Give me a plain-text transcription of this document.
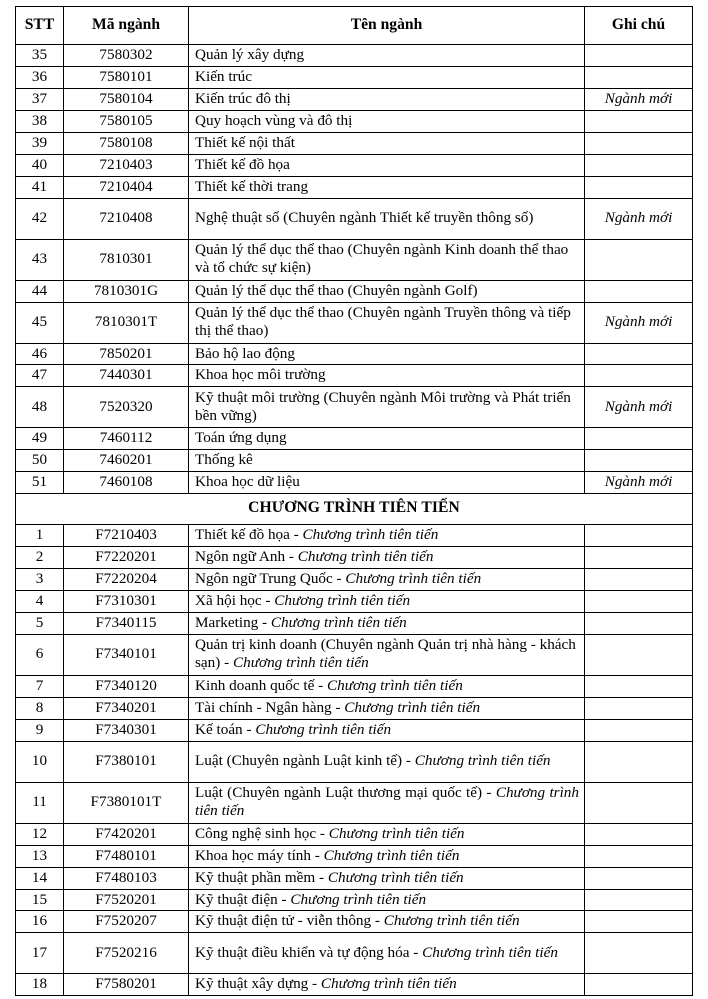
STT	Mã ngành	Tên ngành	Ghi chú
35	7580302	Quản lý xây dựng	
36	7580101	Kiến trúc	
37	7580104	Kiến trúc đô thị	Ngành mới
38	7580105	Quy hoạch vùng và đô thị	
39	7580108	Thiết kế nội thất	
40	7210403	Thiết kế đồ họa	
41	7210404	Thiết kế thời trang	
42	7210408	Nghệ thuật số (Chuyên ngành Thiết kế truyền thông số)	Ngành mới
43	7810301	Quản lý thể dục thể thao (Chuyên ngành Kinh doanh thể thao và tổ chức sự kiện)	
44	7810301G	Quản lý thể dục thể thao (Chuyên ngành Golf)	
45	7810301T	Quản lý thể dục thể thao (Chuyên ngành Truyền thông và tiếp thị thể thao)	Ngành mới
46	7850201	Bảo hộ lao động	
47	7440301	Khoa học môi trường	
48	7520320	Kỹ thuật môi trường (Chuyên ngành Môi trường và Phát triển bền vững)	Ngành mới
49	7460112	Toán ứng dụng	
50	7460201	Thống kê	
51	7460108	Khoa học dữ liệu	Ngành mới
CHƯƠNG TRÌNH TIÊN TIẾN			
1	F7210403	Thiết kế đồ họa - Chương trình tiên tiến	
2	F7220201	Ngôn ngữ Anh - Chương trình tiên tiến	
3	F7220204	Ngôn ngữ Trung Quốc - Chương trình tiên tiến	
4	F7310301	Xã hội học - Chương trình tiên tiến	
5	F7340115	Marketing - Chương trình tiên tiến	
6	F7340101	Quản trị kinh doanh (Chuyên ngành Quản trị nhà hàng - khách sạn) - Chương trình tiên tiến	
7	F7340120	Kinh doanh quốc tế - Chương trình tiên tiến	
8	F7340201	Tài chính - Ngân hàng - Chương trình tiên tiến	
9	F7340301	Kế toán - Chương trình tiên tiến	
10	F7380101	Luật (Chuyên ngành Luật kinh tế) - Chương trình tiên tiến	
11	F7380101T	Luật (Chuyên ngành Luật thương mại quốc tế) - Chương trình tiên tiến	
12	F7420201	Công nghệ sinh học - Chương trình tiên tiến	
13	F7480101	Khoa học máy tính - Chương trình tiên tiến	
14	F7480103	Kỹ thuật phần mềm - Chương trình tiên tiến	
15	F7520201	Kỹ thuật điện - Chương trình tiên tiến	
16	F7520207	Kỹ thuật điện tử - viễn thông - Chương trình tiên tiến	
17	F7520216	Kỹ thuật điều khiển và tự động hóa - Chương trình tiên tiến	
18	F7580201	Kỹ thuật xây dựng - Chương trình tiên tiến	
